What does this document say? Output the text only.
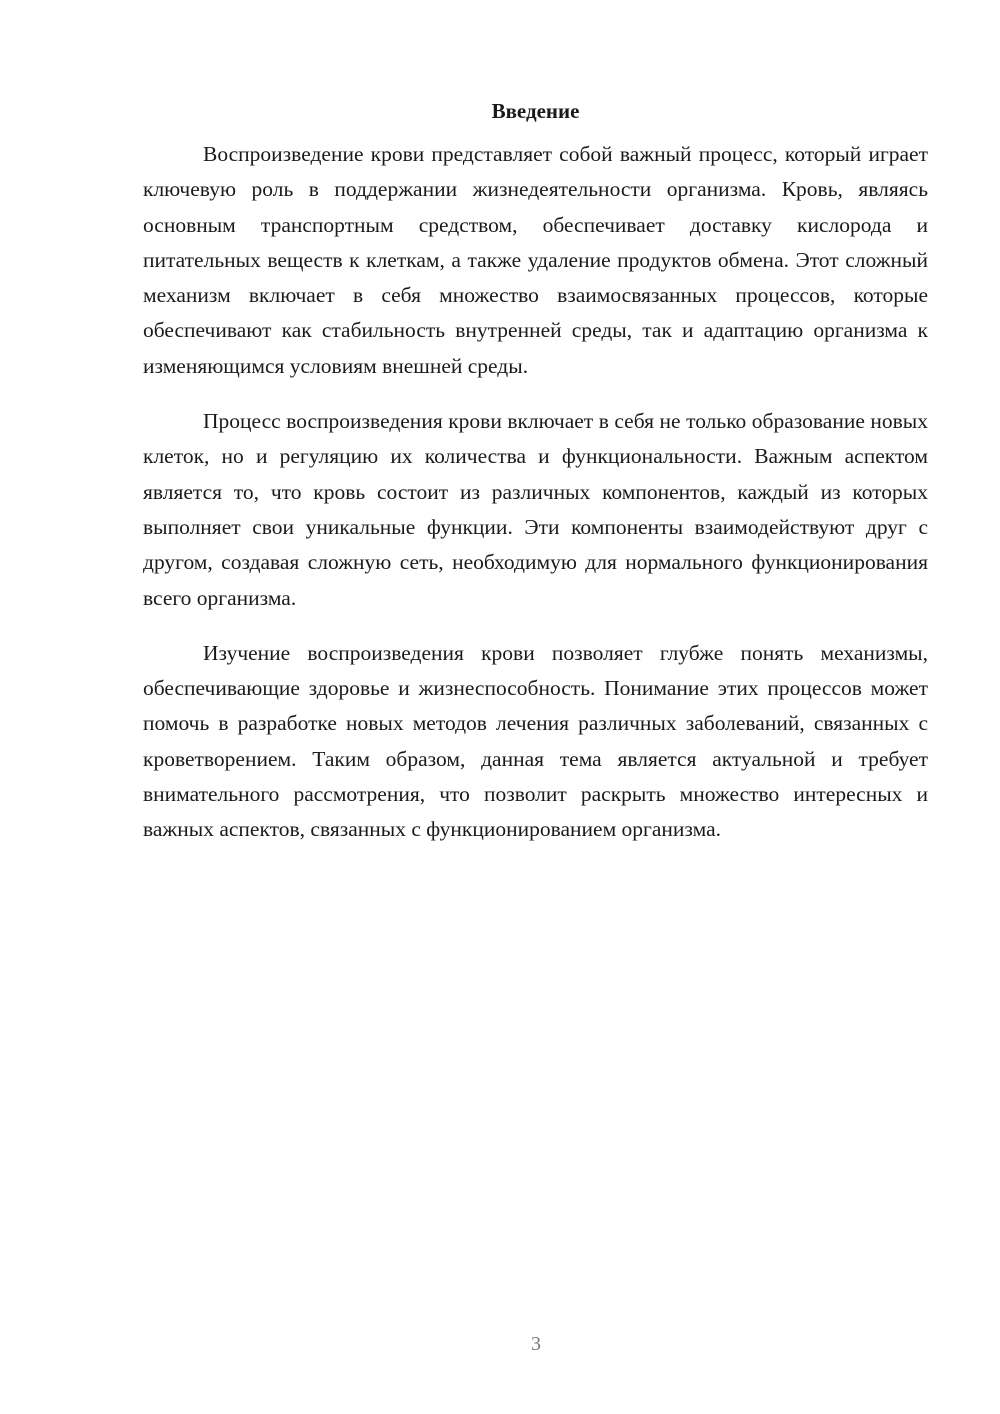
Введение

Воспроизведение крови представляет собой важный процесс, который играет ключевую роль в поддержании жизнедеятельности организма. Кровь, являясь основным транспортным средством, обеспечивает доставку кислорода и питательных веществ к клеткам, а также удаление продуктов обмена. Этот сложный механизм включает в себя множество взаимосвязанных процессов, которые обеспечивают как стабильность внутренней среды, так и адаптацию организма к изменяющимся условиям внешней среды.

Процесс воспроизведения крови включает в себя не только образование новых клеток, но и регуляцию их количества и функциональности. Важным аспектом является то, что кровь состоит из различных компонентов, каждый из которых выполняет свои уникальные функции. Эти компоненты взаимодействуют друг с другом, создавая сложную сеть, необходимую для нормального функционирования всего организма.

Изучение воспроизведения крови позволяет глубже понять механизмы, обеспечивающие здоровье и жизнеспособность. Понимание этих процессов может помочь в разработке новых методов лечения различных заболеваний, связанных с кроветворением. Таким образом, данная тема является актуальной и требует внимательного рассмотрения, что позволит раскрыть множество интересных и важных аспектов, связанных с функционированием организма.

3
